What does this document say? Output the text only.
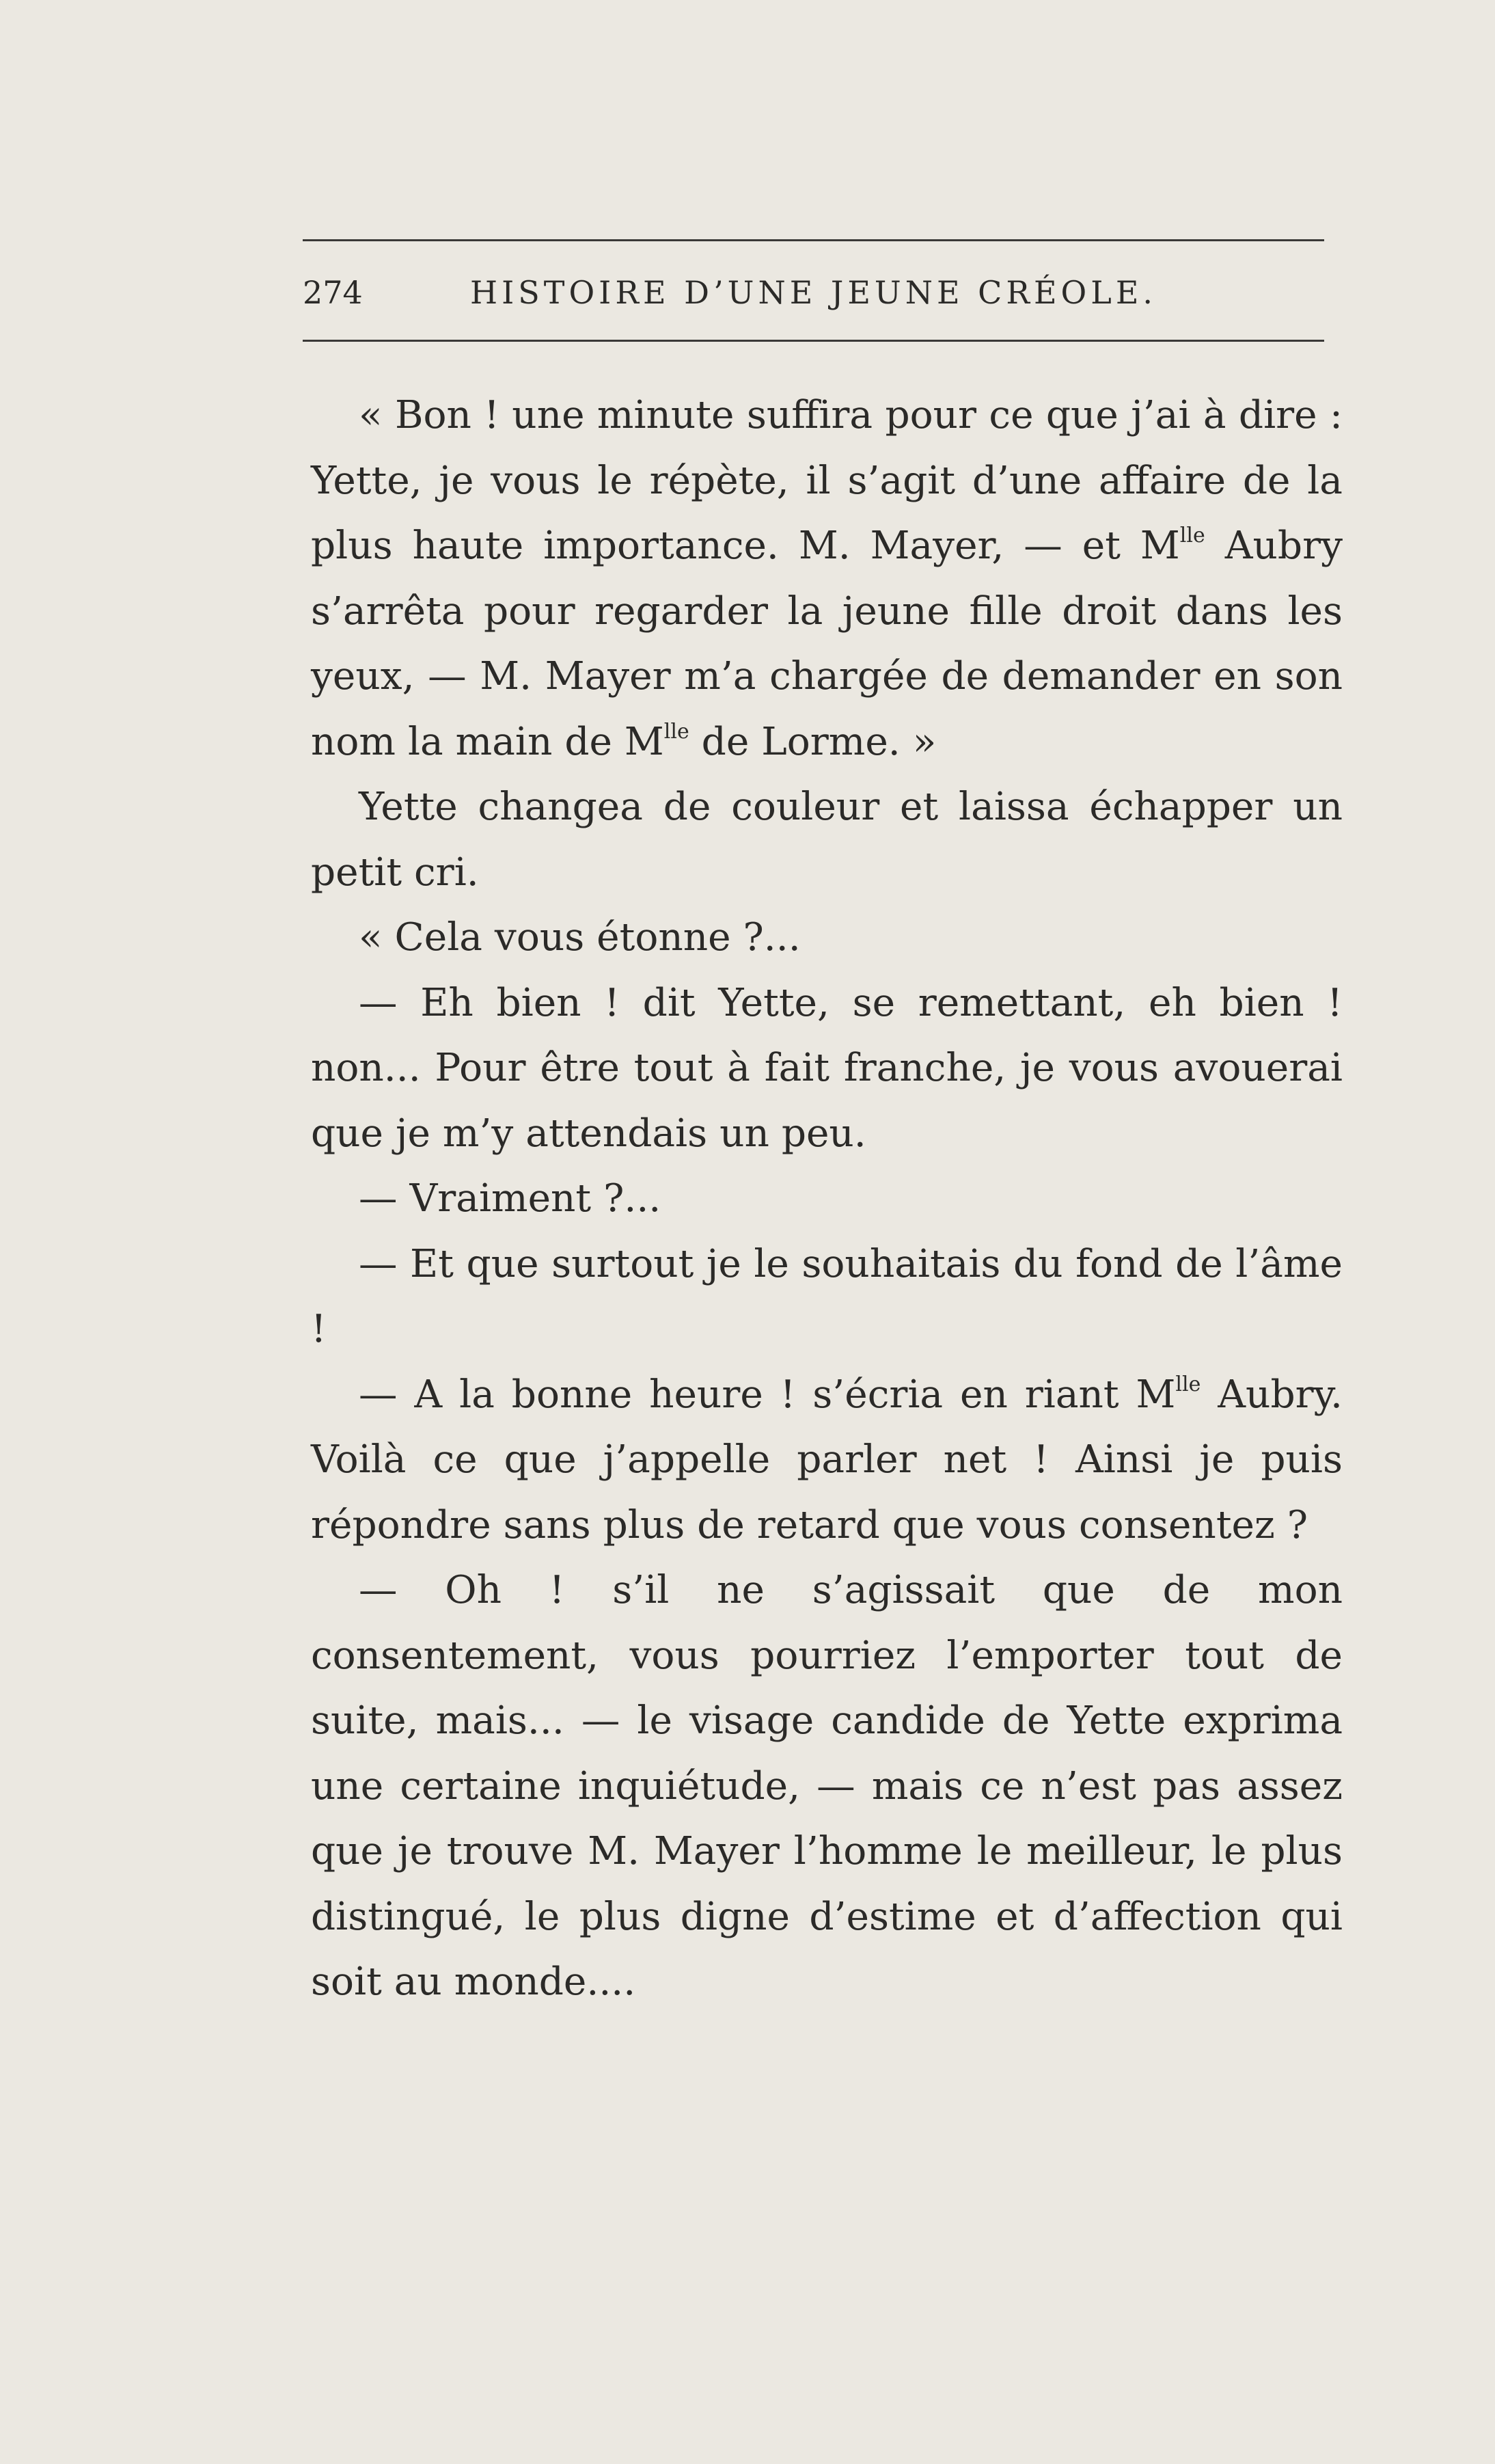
274	HISTOIRE D’UNE JEUNE CRÉOLE.

« Bon ! une minute suffira pour ce que j’ai à dire : Yette, je vous le répète, il s’agit d’une affaire de la plus haute importance. M. Mayer, — et $M^{lle}$ Aubry s’arrêta pour regarder la jeune fille droit dans les yeux, — M. Mayer m’a chargée de demander en son nom la main de $M^{lle}$ de Lorme. »

Yette changea de couleur et laissa échapper un petit cri.

« Cela vous étonne ?...

— Eh bien ! dit Yette, se remettant, eh bien ! non... Pour être tout à fait franche, je vous avouerai que je m’y attendais un peu.

— Vraiment ?...

— Et que surtout je le souhaitais du fond de l’âme !

— A la bonne heure ! s’écria en riant $M^{lle}$ Aubry. Voilà ce que j’appelle parler net ! Ainsi je puis répondre sans plus de retard que vous consentez ?

— Oh ! s’il ne s’agissait que de mon consentement, vous pourriez l’emporter tout de suite, mais... — le visage candide de Yette exprima une certaine inquiétude, — mais ce n’est pas assez que je trouve M. Mayer l’homme le meilleur, le plus distingué, le plus digne d’estime et d’affection qui soit au monde....
